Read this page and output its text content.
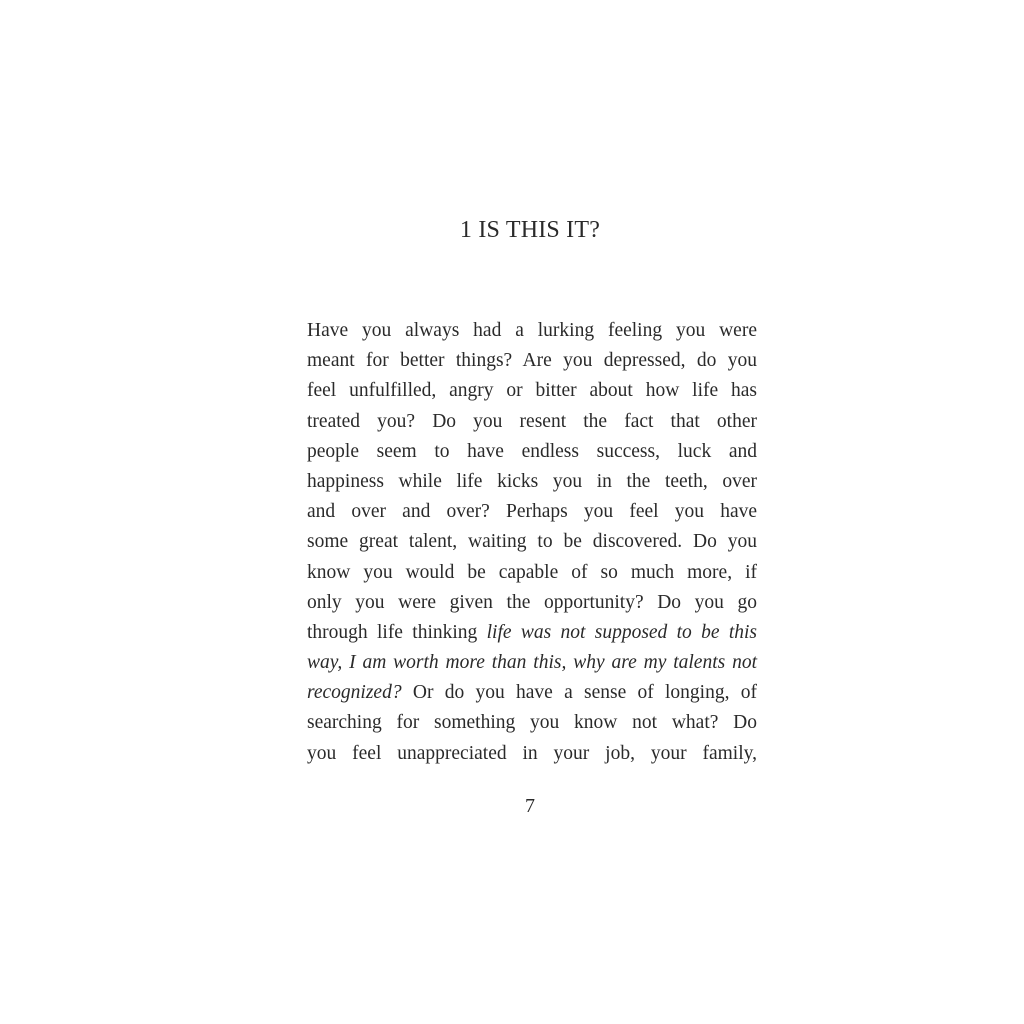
1 IS THIS IT?
Have you always had a lurking feeling you were
meant for better things? Are you depressed, do you
feel unfulfilled, angry or bitter about how life has
treated you? Do you resent the fact that other
people seem to have endless success, luck and
happiness while life kicks you in the teeth, over
and over and over? Perhaps you feel you have
some great talent, waiting to be discovered. Do you
know you would be capable of so much more, if
only you were given the opportunity? Do you go
through life thinking life was not supposed to be this
way, I am worth more than this, why are my talents not
recognized? Or do you have a sense of longing, of
searching for something you know not what? Do
you feel unappreciated in your job, your family,
7
